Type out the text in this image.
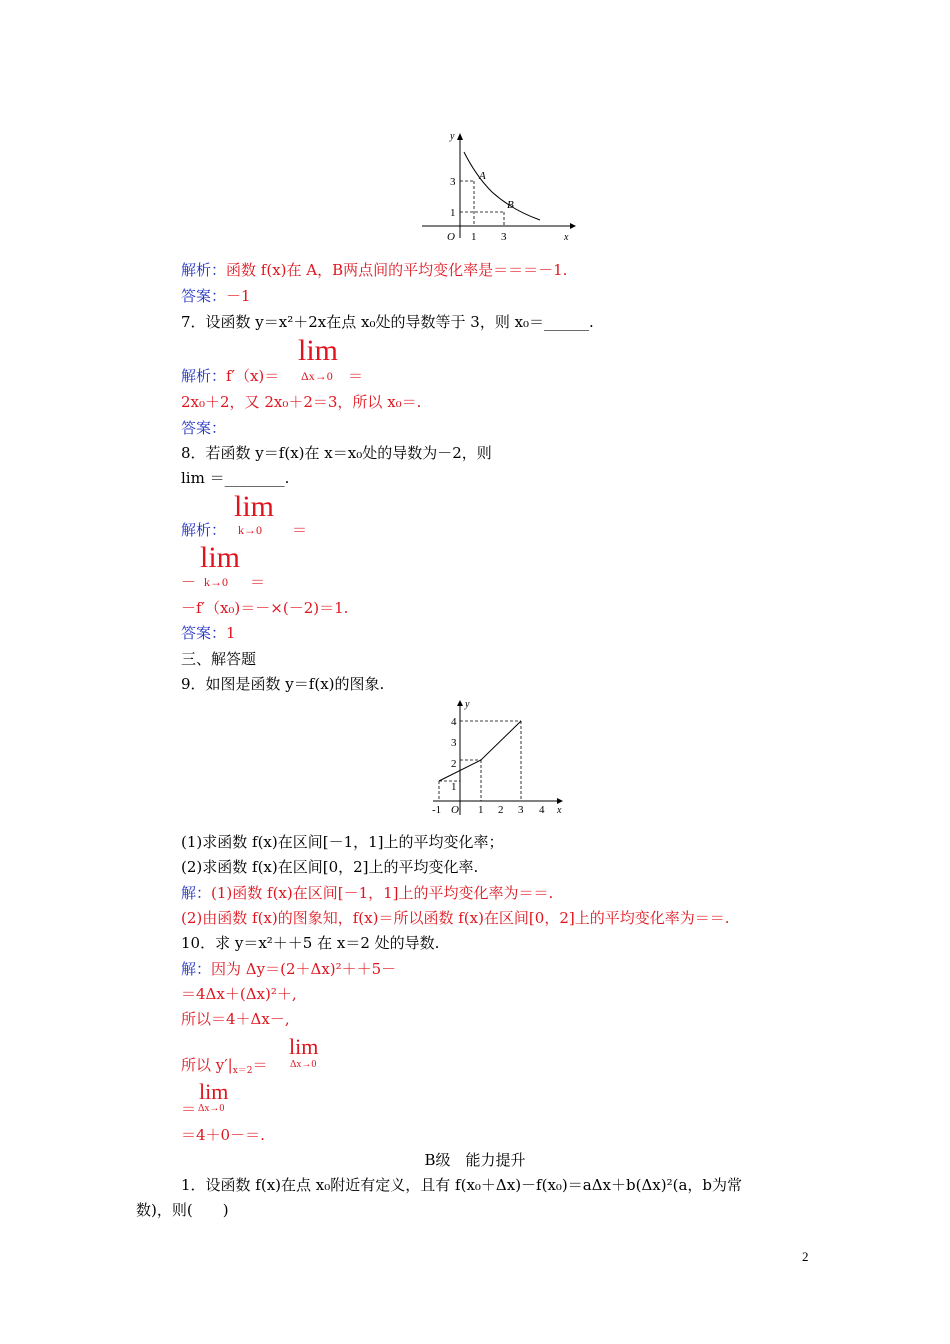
y
x
O
3
1
1 3
A
B
解析：函数 f(x)在 A，B两点间的平均变化率是＝＝＝－1.
答案：－1
7．设函数 y＝x²＋2x在点 x₀处的导数等于 3，则 x₀＝______.
lim
解析：f′（x)＝ Δx→0 ＝
2x₀＋2，又 2x₀＋2＝3，所以 x₀＝.
答案：
8．若函数 y＝f(x)在 x＝x₀处的导数为－2，则
lim ＝________.
lim
解析： k→0 ＝
lim
－ k→0 ＝
－f′（x₀)＝－×(－2)＝1.
答案：1
三、解答题
9．如图是函数 y＝f(x)的图象.
y
x
O
4
3
2
1
-1	1 2 3 4
(1)求函数 f(x)在区间[－1，1]上的平均变化率；
(2)求函数 f(x)在区间[0，2]上的平均变化率.
解：(1)函数 f(x)在区间[－1，1]上的平均变化率为＝＝.
(2)由函数 f(x)的图象知，f(x)＝所以函数 f(x)在区间[0，2]上的平均变化率为＝＝.
10．求 y＝x²＋＋5 在 x＝2 处的导数.
解：因为 Δy＝(2＋Δx)²＋＋5－
＝4Δx＋(Δx)²＋,
所以＝4＋Δx－,
lim
所以 $y'|_{x=2}= \Delta x\to 0$
lim
＝ Δx→0
＝4＋0－＝.
B级　能力提升
1．设函数 f(x)在点 x₀附近有定义，且有 f(x₀＋Δx)－f(x₀)＝aΔx＋b(Δx)²(a，b为常
数)，则(　　)
2
